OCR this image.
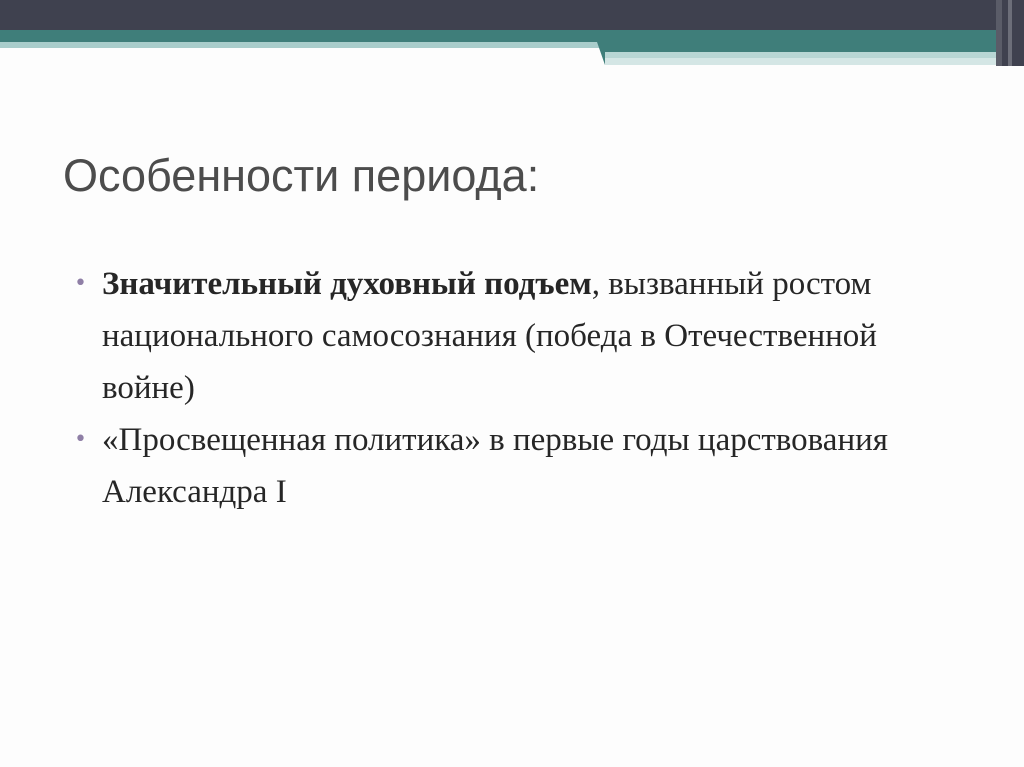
Особенности периода:
• Значительный духовный подъем, вызванный ростом национального самосознания (победа в Отечественной войне)
• «Просвещенная политика» в первые годы царствования Александра I
